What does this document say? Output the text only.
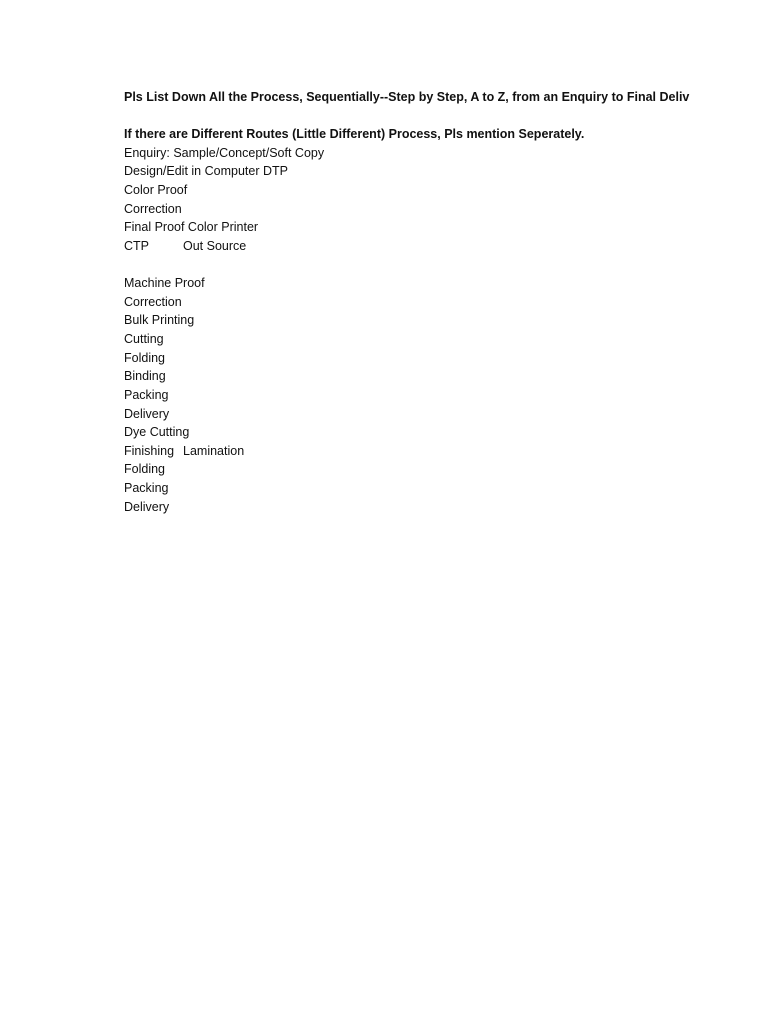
Pls List Down All the Process, Sequentially--Step by Step, A to Z, from an Enquiry to Final Deliv
If there are Different Routes (Little Different) Process, Pls mention Seperately.
Enquiry: Sample/Concept/Soft Copy
Design/Edit in Computer DTP
Color Proof
Correction
Final Proof Color Printer
CTP	Out Source
Machine Proof
Correction
Bulk Printing
Cutting
Folding
Binding
Packing
Delivery
Dye Cutting
Finishing Lamination
Folding
Packing
Delivery
